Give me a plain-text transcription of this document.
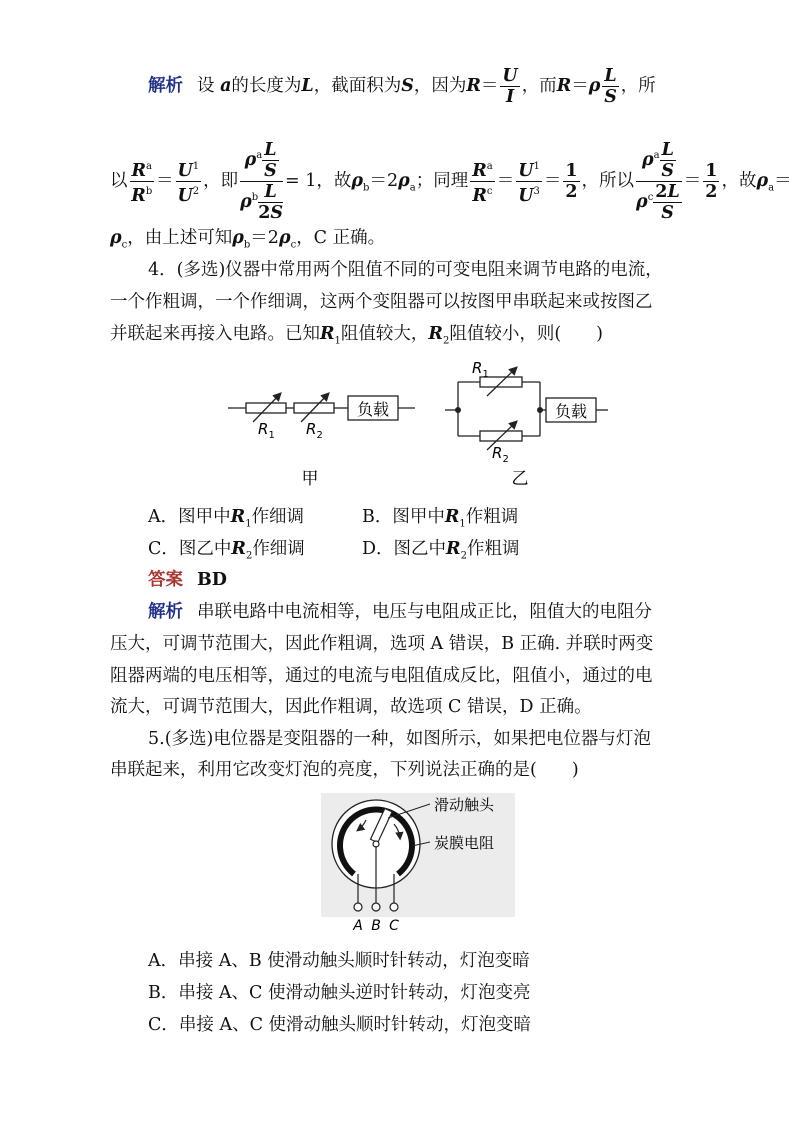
解析 设 a的长度为L，截面积为S，因为$R= \frac{U}{I}$ ，而$R=\rho \frac{L}{S}$ ，所
以 $\frac{R^a}{R^b} = \frac{U^1}{U^2}$ ，即 $\frac{\rho^a \frac{L}{S}}{\rho^b \frac{L}{2S}} = 1$，故$\rho_b=2\rho_a$；同理 $\frac{R^a}{R^c} = \frac{U^1}{U^3} = \frac{1}{2}$ ，所以 $\frac{\rho^a \frac{L}{S}}{\rho^c \frac{2L}{S}} = \frac{1}{2}$ ，故$\rho_a=$
$\rho_c$，由上述可知$\rho_b=2\rho_c$，C 正确。
4．(多选)仪器中常用两个阻值不同的可变电阻来调节电路的电流，
一个作粗调，一个作细调，这两个变阻器可以按图甲串联起来或按图乙
并联起来再接入电路。已知$R_1$阻值较大，$R_2$阻值较小，则(　　)
负载
$R_1$ $R_2$
甲
负载
$R_1$
$R_2$
乙
A．图甲中$R_1$作细调	B．图甲中$R_1$作粗调
C．图乙中$R_2$作细调	D．图乙中$R_2$作粗调
答案 BD
解析 串联电路中电流相等，电压与电阻成正比，阻值大的电阻分
压大，可调节范围大，因此作粗调，选项 A 错误，B 正确. 并联时两变
阻器两端的电压相等，通过的电流与电阻值成反比，阻值小，通过的电
流大，可调节范围大，因此作粗调，故选项 C 错误，D 正确。
5.(多选)电位器是变阻器的一种，如图所示，如果把电位器与灯泡
串联起来，利用它改变灯泡的亮度，下列说法正确的是(　　)
A B C
滑动触头
炭膜电阻
A．串接 A、B 使滑动触头顺时针转动，灯泡变暗
B．串接 A、C 使滑动触头逆时针转动，灯泡变亮
C．串接 A、C 使滑动触头顺时针转动，灯泡变暗
